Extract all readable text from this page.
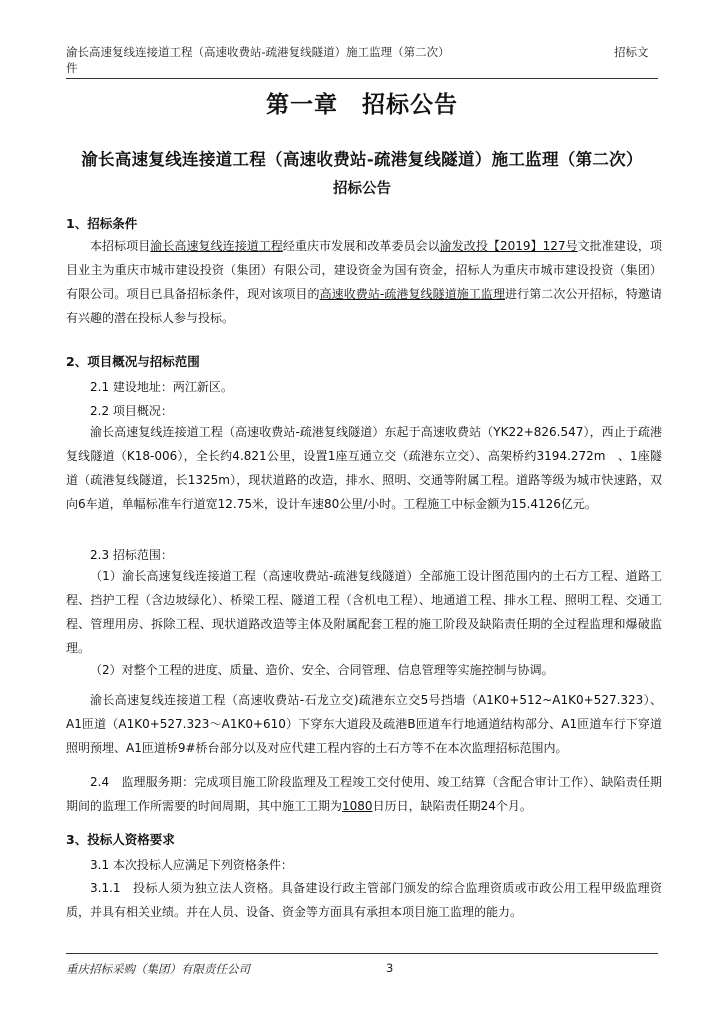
渝长高速复线连接道工程（高速收费站-疏港复线隧道）施工监理（第二次）
件
招标文
第一章　招标公告
渝长高速复线连接道工程（高速收费站-疏港复线隧道）施工监理（第二次）
招标公告
1、招标条件
本招标项目渝长高速复线连接道工程经重庆市发展和改革委员会以渝发改投【2019】127号文批准建设，项目业主为重庆市城市建设投资（集团）有限公司，建设资金为国有资金，招标人为重庆市城市建设投资（集团）有限公司。项目已具备招标条件，现对该项目的高速收费站-疏港复线隧道施工监理进行第二次公开招标，特邀请有兴趣的潜在投标人参与投标。
2、项目概况与招标范围
2.1 建设地址：两江新区。
2.2 项目概况：
渝长高速复线连接道工程（高速收费站-疏港复线隧道）东起于高速收费站（YK22+826.547），西止于疏港复线隧道（K18-006），全长约4.821公里，设置1座互通立交（疏港东立交）、高架桥约3194.272m　、1座隧道（疏港复线隧道，长1325m），现状道路的改造，排水、照明、交通等附属工程。道路等级为城市快速路，双向6车道，单幅标准车行道宽12.75米，设计车速80公里/小时。工程施工中标金额为15.4126亿元。
2.3 招标范围：
（1）渝长高速复线连接道工程（高速收费站-疏港复线隧道）全部施工设计图范围内的土石方工程、道路工程、挡护工程（含边坡绿化）、桥梁工程、隧道工程（含机电工程）、地通道工程、排水工程、照明工程、交通工程、管理用房、拆除工程、现状道路改造等主体及附属配套工程的施工阶段及缺陷责任期的全过程监理和爆破监理。
（2）对整个工程的进度、质量、造价、安全、合同管理、信息管理等实施控制与协调。
渝长高速复线连接道工程（高速收费站-石龙立交)疏港东立交5号挡墙（A1K0+512~A1K0+527.323）、A1匝道（A1K0+527.323～A1K0+610）下穿东大道段及疏港B匝道车行地通道结构部分、A1匝道车行下穿道照明预埋、A1匝道桥9#桥台部分以及对应代建工程内容的土石方等不在本次监理招标范围内。
2.4　监理服务期：完成项目施工阶段监理及工程竣工交付使用、竣工结算（含配合审计工作）、缺陷责任期期间的监理工作所需要的时间周期，其中施工工期为1080日历日，缺陷责任期24个月。
3、投标人资格要求
3.1 本次投标人应满足下列资格条件：
3.1.1　投标人须为独立法人资格。具备建设行政主管部门颁发的综合监理资质或市政公用工程甲级监理资质，并具有相关业绩。并在人员、设备、资金等方面具有承担本项目施工监理的能力。
重庆招标采购（集团）有限责任公司	3
